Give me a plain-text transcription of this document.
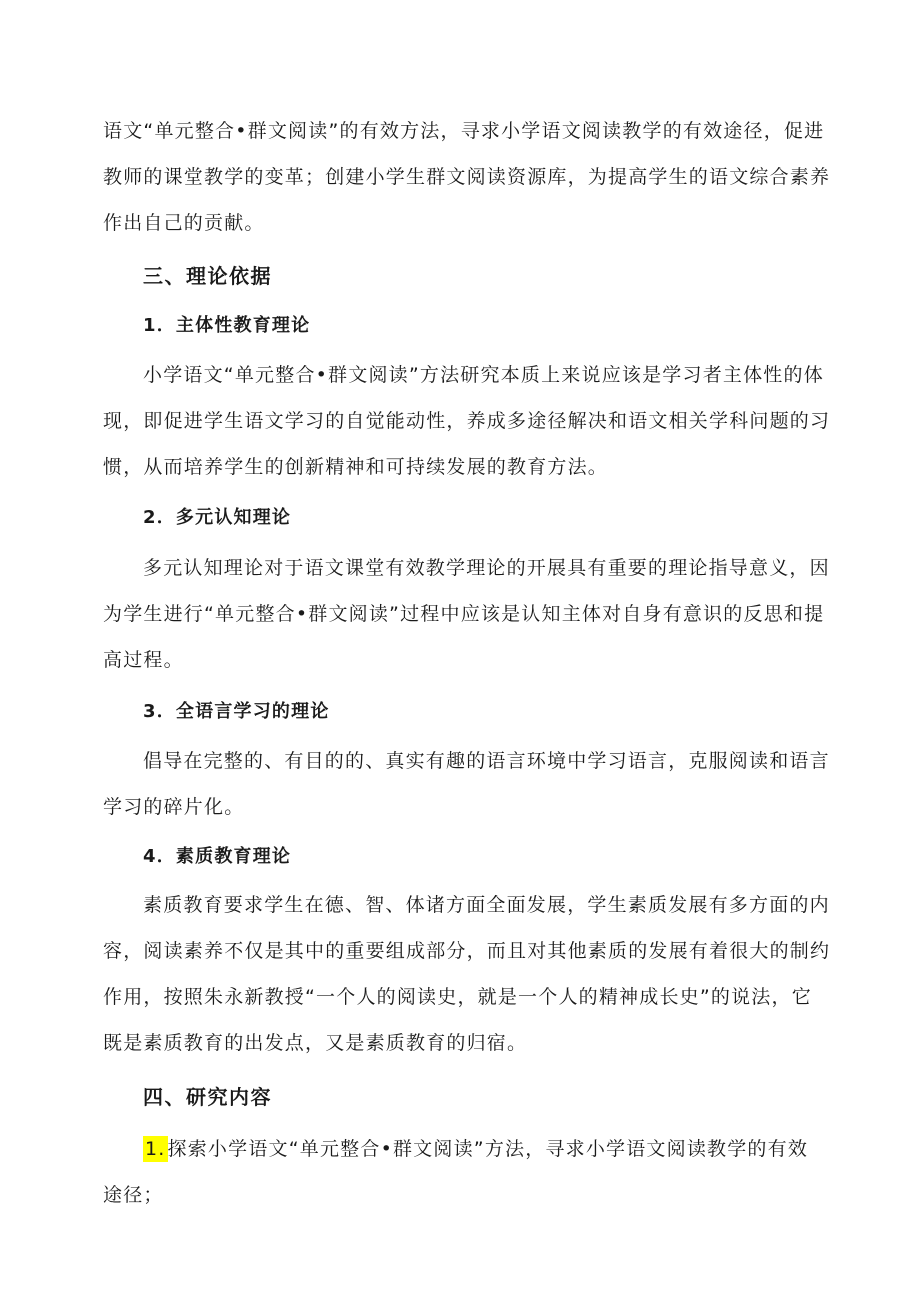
语文“单元整合•群文阅读”的有效方法，寻求小学语文阅读教学的有效途径，促进
教师的课堂教学的变革；创建小学生群文阅读资源库，为提高学生的语文综合素养
作出自己的贡献。

三、理论依据
1．主体性教育理论

小学语文“单元整合•群文阅读”方法研究本质上来说应该是学习者主体性的体
现，即促进学生语文学习的自觉能动性，养成多途径解决和语文相关学科问题的习
惯，从而培养学生的创新精神和可持续发展的教育方法。

2．多元认知理论

多元认知理论对于语文课堂有效教学理论的开展具有重要的理论指导意义，因
为学生进行“单元整合•群文阅读”过程中应该是认知主体对自身有意识的反思和提
高过程。

3．全语言学习的理论

倡导在完整的、有目的的、真实有趣的语言环境中学习语言，克服阅读和语言
学习的碎片化。

4．素质教育理论

素质教育要求学生在德、智、体诸方面全面发展，学生素质发展有多方面的内
容，阅读素养不仅是其中的重要组成部分，而且对其他素质的发展有着很大的制约
作用，按照朱永新教授“一个人的阅读史，就是一个人的精神成长史”的说法，它
既是素质教育的出发点，又是素质教育的归宿。

四、研究内容

1. 探索小学语文“单元整合•群文阅读”方法，寻求小学语文阅读教学的有效
途径；
